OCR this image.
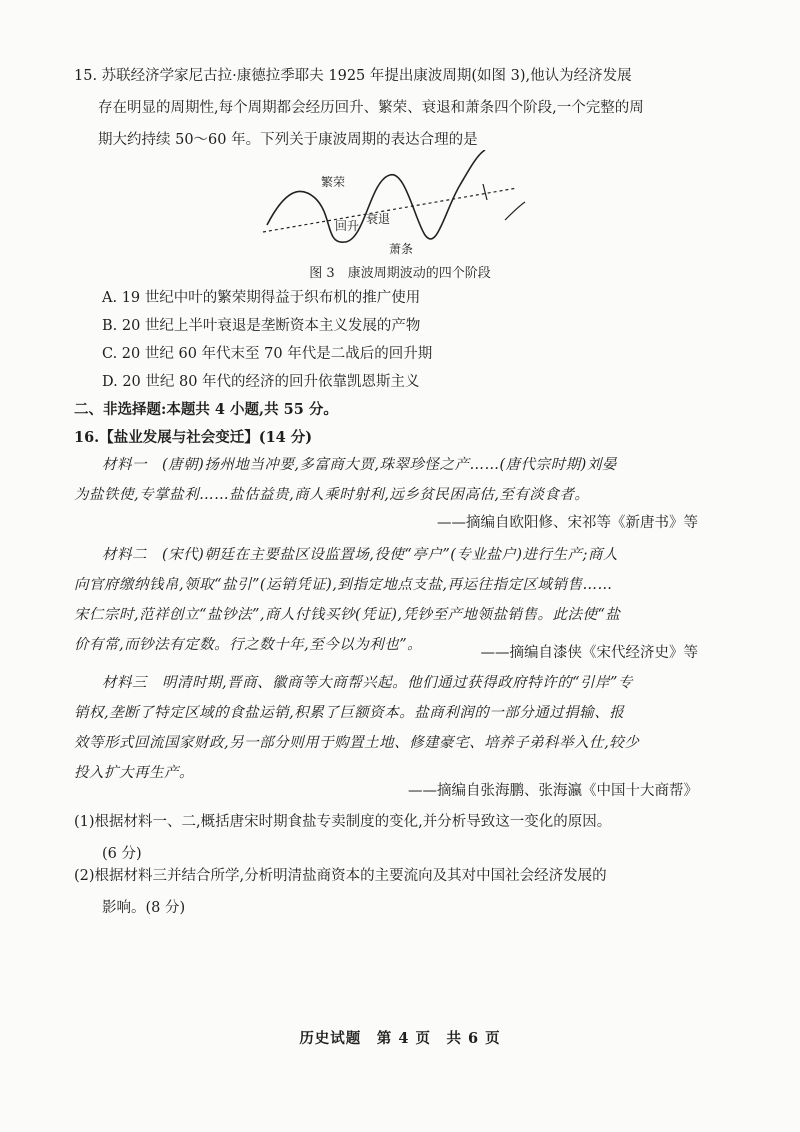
15. 苏联经济学家尼古拉·康德拉季耶夫 1925 年提出康波周期(如图 3),他认为经济发展
存在明显的周期性,每个周期都会经历回升、繁荣、衰退和萧条四个阶段,一个完整的周
期大约持续 50～60 年。下列关于康波周期的表达合理的是
繁荣
回升 衰退
萧条
图 3　康波周期波动的四个阶段
A. 19 世纪中叶的繁荣期得益于织布机的推广使用
B. 20 世纪上半叶衰退是垄断资本主义发展的产物
C. 20 世纪 60 年代末至 70 年代是二战后的回升期
D. 20 世纪 80 年代的经济的回升依靠凯恩斯主义
二、非选择题:本题共 4 小题,共 55 分。
16.【盐业发展与社会变迁】(14 分)
材料一　(唐朝)扬州地当冲要,多富商大贾,珠翠珍怪之产……(唐代宗时期)刘晏
为盐铁使,专掌盐利……盐估益贵,商人乘时射利,远乡贫民困高估,至有淡食者。
——摘编自欧阳修、宋祁等《新唐书》等
材料二　(宋代)朝廷在主要盐区设监置场,役使“亭户”(专业盐户)进行生产;商人
向官府缴纳钱帛,领取“盐引”(运销凭证),到指定地点支盐,再运往指定区域销售……
宋仁宗时,范祥创立“盐钞法”,商人付钱买钞(凭证),凭钞至产地领盐销售。此法使“盐
价有常,而钞法有定数。行之数十年,至今以为利也”。	——摘编自漆侠《宋代经济史》等
材料三　明清时期,晋商、徽商等大商帮兴起。他们通过获得政府特许的“引岸”专
销权,垄断了特定区域的食盐运销,积累了巨额资本。盐商利润的一部分通过捐输、报
效等形式回流国家财政,另一部分则用于购置土地、修建豪宅、培养子弟科举入仕,较少
投入扩大再生产。
——摘编自张海鹏、张海瀛《中国十大商帮》
(1)根据材料一、二,概括唐宋时期食盐专卖制度的变化,并分析导致这一变化的原因。
(6 分)
(2)根据材料三并结合所学,分析明清盐商资本的主要流向及其对中国社会经济发展的
影响。(8 分)
历史试题　第 4 页　共 6 页
